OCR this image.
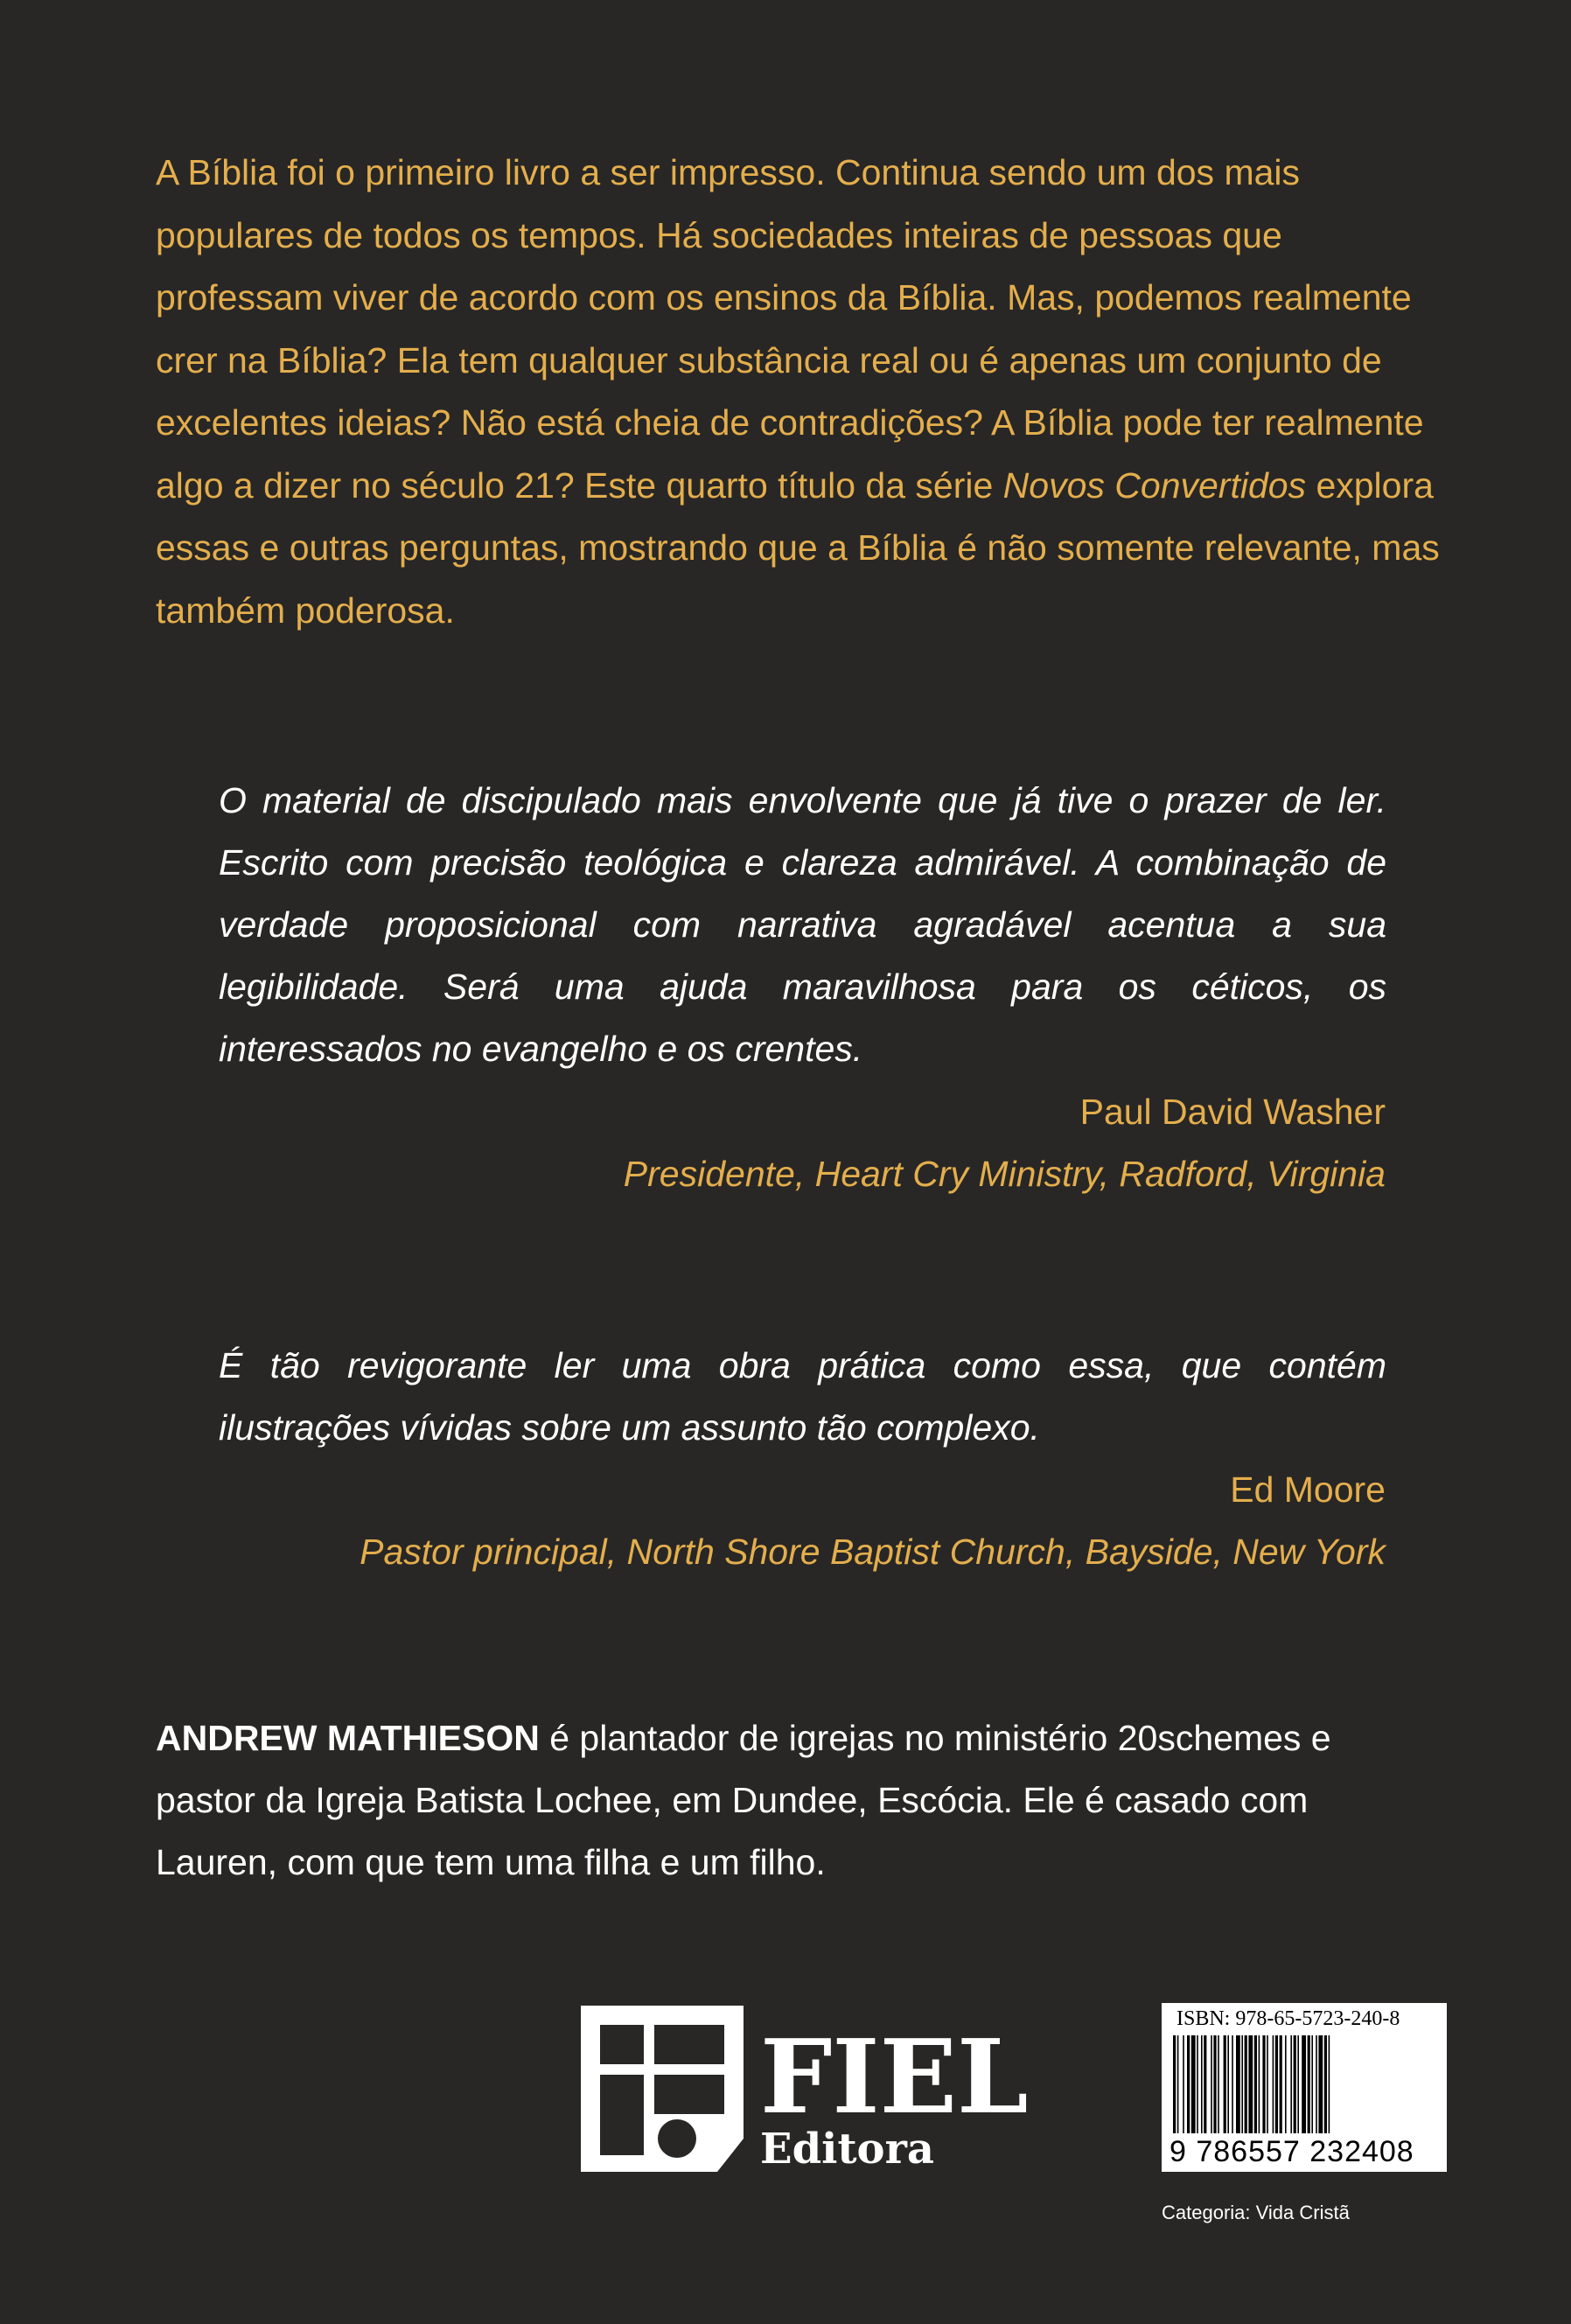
A Bíblia foi o primeiro livro a ser impresso. Continua sendo um dos mais populares de todos os tempos. Há sociedades inteiras de pessoas que professam viver de acordo com os ensinos da Bíblia. Mas, podemos realmente crer na Bíblia? Ela tem qualquer substância real ou é apenas um conjunto de excelentes ideias? Não está cheia de contradições? A Bíblia pode ter realmente algo a dizer no século 21? Este quarto título da série Novos Convertidos explora essas e outras perguntas, mostrando que a Bíblia é não somente relevante, mas também poderosa.

O material de discipulado mais envolvente que já tive o prazer de ler. Escrito com precisão teológica e clareza admirável. A combinação de verdade proposicional com narrativa agradável acentua a sua legibilidade. Será uma ajuda maravilhosa para os céticos, os interessados no evangelho e os crentes.

Paul David Washer
Presidente, Heart Cry Ministry, Radford, Virginia

É tão revigorante ler uma obra prática como essa, que contém ilustrações vívidas sobre um assunto tão complexo.

Ed Moore
Pastor principal, North Shore Baptist Church, Bayside, New York

ANDREW MATHIESON é plantador de igrejas no ministério 20schemes e pastor da Igreja Batista Lochee, em Dundee, Escócia. Ele é casado com Lauren, com que tem uma filha e um filho.

FIEL
Editora
ISBN: 978-65-5723-240-8
9 786557 232408
Categoria: Vida Cristã
